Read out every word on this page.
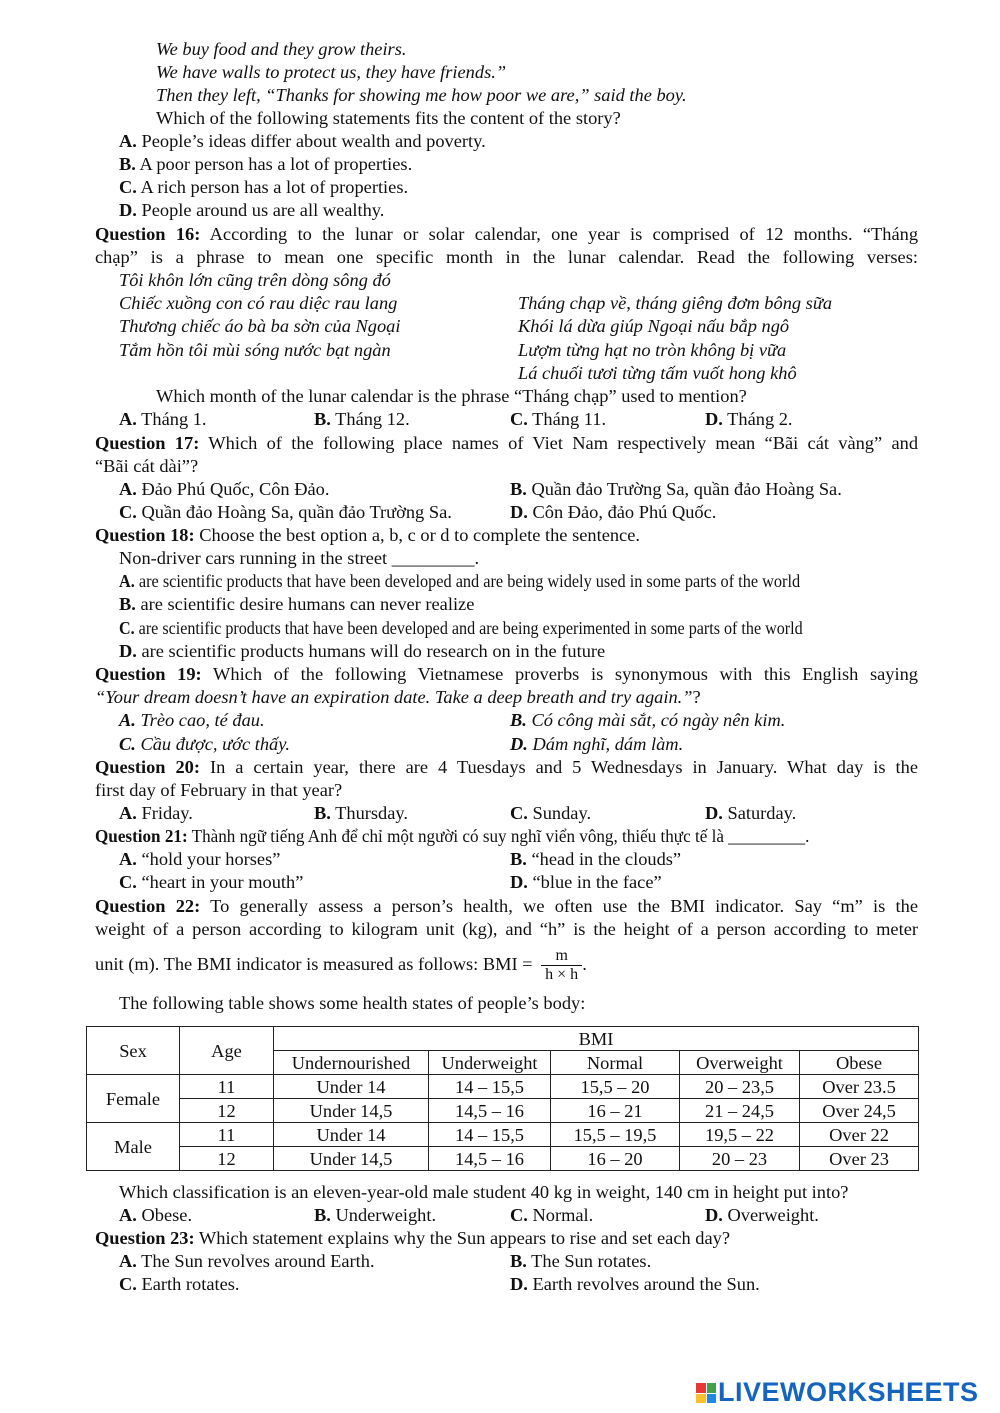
We buy food and they grow theirs.
We have walls to protect us, they have friends.”
Then they left, “Thanks for showing me how poor we are,” said the boy.
Which of the following statements fits the content of the story?
A. People’s ideas differ about wealth and poverty.
B. A poor person has a lot of properties.
C. A rich person has a lot of properties.
D. People around us are all wealthy.
Question 16: According to the lunar or solar calendar, one year is comprised of 12 months. “Tháng
chạp” is a phrase to mean one specific month in the lunar calendar. Read the following verses:
Tôi khôn lớn cũng trên dòng sông đó
Chiếc xuồng con có rau diệc rau lang
Thương chiếc áo bà ba sờn của Ngoại
Tắm hồn tôi mùi sóng nước bạt ngàn
Tháng chạp về, tháng giêng đơm bông sữa
Khói lá dừa giúp Ngoại nấu bắp ngô
Lượm từng hạt no tròn không bị vữa
Lá chuối tươi từng tấm vuốt hong khô
Which month of the lunar calendar is the phrase “Tháng chạp” used to mention?
A. Tháng 1.	B. Tháng 12.	C. Tháng 11.	D. Tháng 2.
Question 17: Which of the following place names of Viet Nam respectively mean “Bãi cát vàng” and
“Bãi cát dài”?
A. Đảo Phú Quốc, Côn Đảo.	B. Quần đảo Trường Sa, quần đảo Hoàng Sa.
C. Quần đảo Hoàng Sa, quần đảo Trường Sa.	D. Côn Đảo, đảo Phú Quốc.
Question 18: Choose the best option a, b, c or d to complete the sentence.
Non-driver cars running in the street _________.
A. are scientific products that have been developed and are being widely used in some parts of the world
B. are scientific desire humans can never realize
C. are scientific products that have been developed and are being experimented in some parts of the world
D. are scientific products humans will do research on in the future
Question 19: Which of the following Vietnamese proverbs is synonymous with this English saying
“Your dream doesn’t have an expiration date. Take a deep breath and try again.”?
A. Trèo cao, té đau.	B. Có công mài sắt, có ngày nên kim.
C. Cầu được, ước thấy.	D. Dám nghĩ, dám làm.
Question 20: In a certain year, there are 4 Tuesdays and 5 Wednesdays in January. What day is the
first day of February in that year?
A. Friday.	B. Thursday.	C. Sunday.	D. Saturday.
Question 21: Thành ngữ tiếng Anh để chỉ một người có suy nghĩ viển vông, thiếu thực tế là _________.
A. “hold your horses”	B. “head in the clouds”
C. “heart in your mouth”	D. “blue in the face”
Question 22: To generally assess a person’s health, we often use the BMI indicator. Say “m” is the
weight of a person according to kilogram unit (kg), and “h” is the height of a person according to meter
unit (m). The BMI indicator is measured as follows: BMI = $\frac{m}{h \times h}$ .
The following table shows some health states of people’s body:
Sex	Age	BMI				
		Undernourished	Underweight	Normal	Overweight	Obese
Female	11	Under 14	14 – 15,5	15,5 – 20	20 – 23,5	Over 23.5
	12	Under 14,5	14,5 – 16	16 – 21	21 – 24,5	Over 24,5
Male	11	Under 14	14 – 15,5	15,5 – 19,5	19,5 – 22	Over 22
	12	Under 14,5	14,5 – 16	16 – 20	20 – 23	Over 23
Which classification is an eleven-year-old male student 40 kg in weight, 140 cm in height put into?
A. Obese.	B. Underweight.	C. Normal.	D. Overweight.
Question 23: Which statement explains why the Sun appears to rise and set each day?
A. The Sun revolves around Earth.	B. The Sun rotates.
C. Earth rotates.	D. Earth revolves around the Sun.
LIVEWORKSHEETS
